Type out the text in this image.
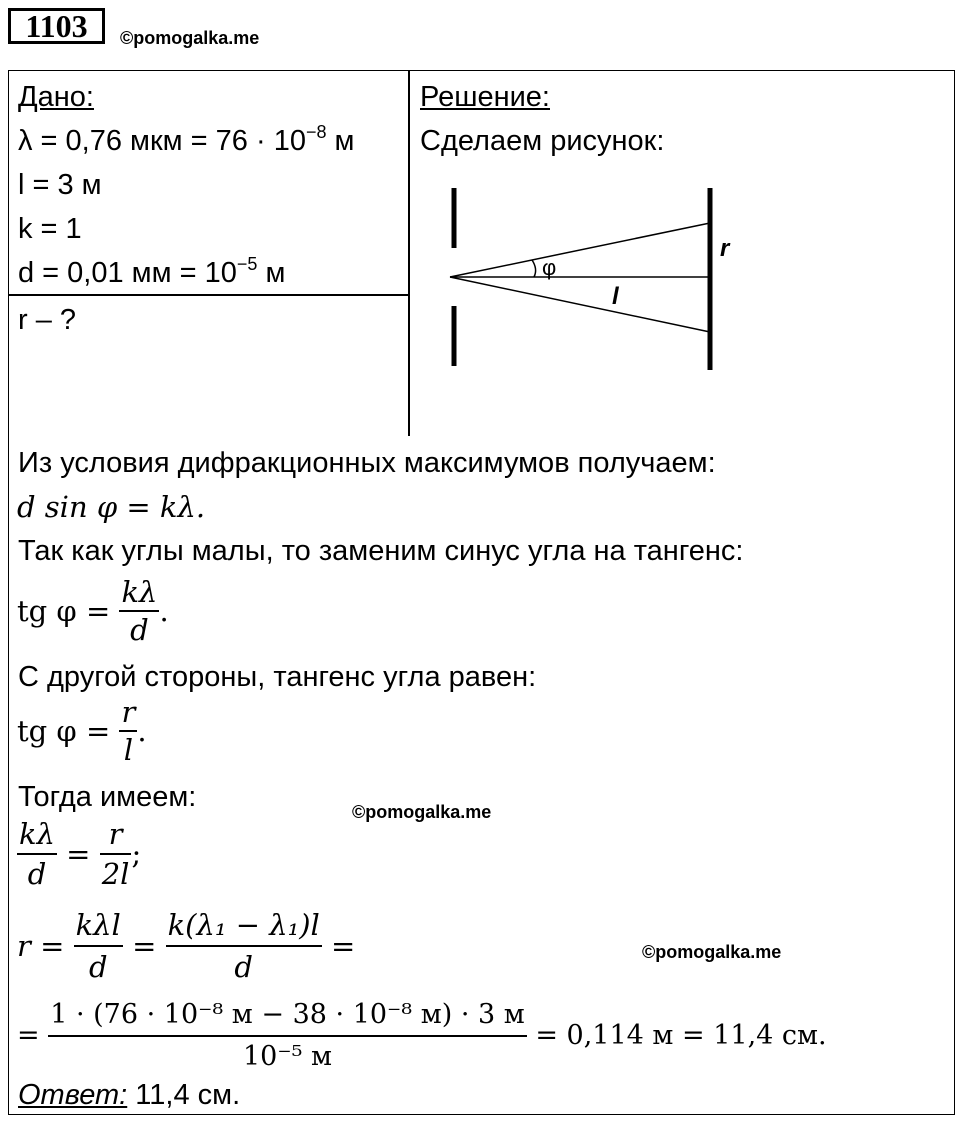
1103	©pomogalka.me
Дано:
λ = 0,76 мкм = $76 \cdot 10^{-8}$ м
l = 3 м
k = 1
d = 0,01 мм = $10^{-5}$ м
r – ?
Решение:
Сделаем рисунок:
φ
l
r
Из условия дифракционных максимумов получаем:
d sin φ = kλ.
Так как углы малы, то заменим синус угла на тангенс:
tg $\varphi = \frac{k\lambda}{d}$ .
С другой стороны, тангенс угла равен:
tg $\varphi = \frac{r}{l}$ .
Тогда имеем:	©pomogalka.me
$\frac{k\lambda}{d} = \frac{r}{2l}$ ;
$r = \frac{\text{kλl}}{d} = \frac{\text{k(λ₁ − λ₁)l}}{d}$ =	©pomogalka.me
= $\frac{\text{1 · (76 · 10⁻⁸ м − 38 · 10⁻⁸ м) · 3 м}}{\text{10⁻⁵ м}} = 0,114$ м = 11,4 см.
Ответ: 11,4 см.
